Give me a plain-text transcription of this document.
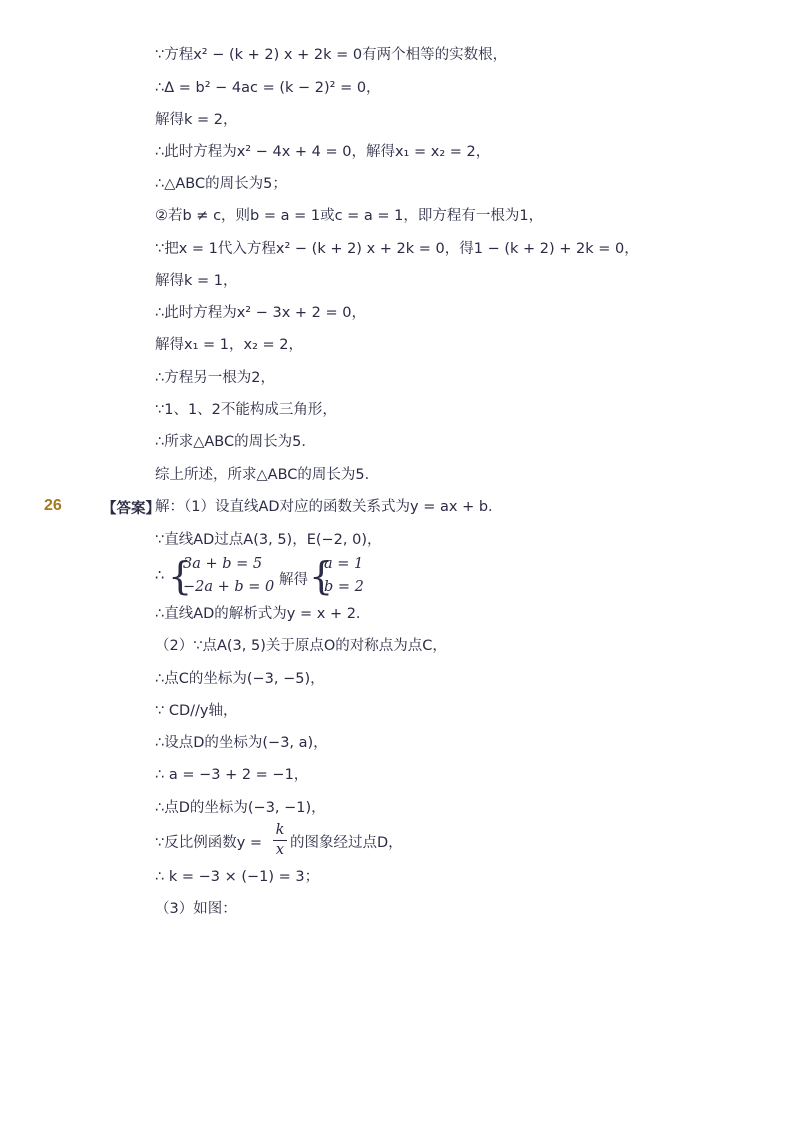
∵方程x² − (k + 2) x + 2k = 0有两个相等的实数根，
∴Δ = b² − 4ac = (k − 2)² = 0，
解得k = 2，
∴此时方程为x² − 4x + 4 = 0，解得x₁ = x₂ = 2，
∴△ABC的周长为5；
②若b ≠ c，则b = a = 1或c = a = 1，即方程有一根为1，
∵把x = 1代入方程x² − (k + 2) x + 2k = 0，得1 − (k + 2) + 2k = 0，
解得k = 1，
∴此时方程为x² − 3x + 2 = 0，
解得x₁ = 1，x₂ = 2，
∴方程另一根为2，
∵1、1、2不能构成三角形，
∴所求△ABC的周长为5．
综上所述，所求△ABC的周长为5．
26	【答案】
解：（1）设直线AD对应的函数关系式为y = ax + b．
∵直线AD过点A(3, 5)，E(−2, 0)，
∴ {
3a + b = 5
−2a + b = 0 解得 {
a = 1
b = 2
∴直线AD的解析式为y = x + 2．
（2）∵点A(3, 5)关于原点O的对称点为点C，
∴点C的坐标为(−3, −5)，
∵ CD//y轴，
∴设点D的坐标为(−3, a)，
∴ a = −3 + 2 = −1，
∴点D的坐标为(−3, −1)，
∵反比例函数y =
k
x 的图象经过点D，
∴ k = −3 × (−1) = 3；
（3）如图：
